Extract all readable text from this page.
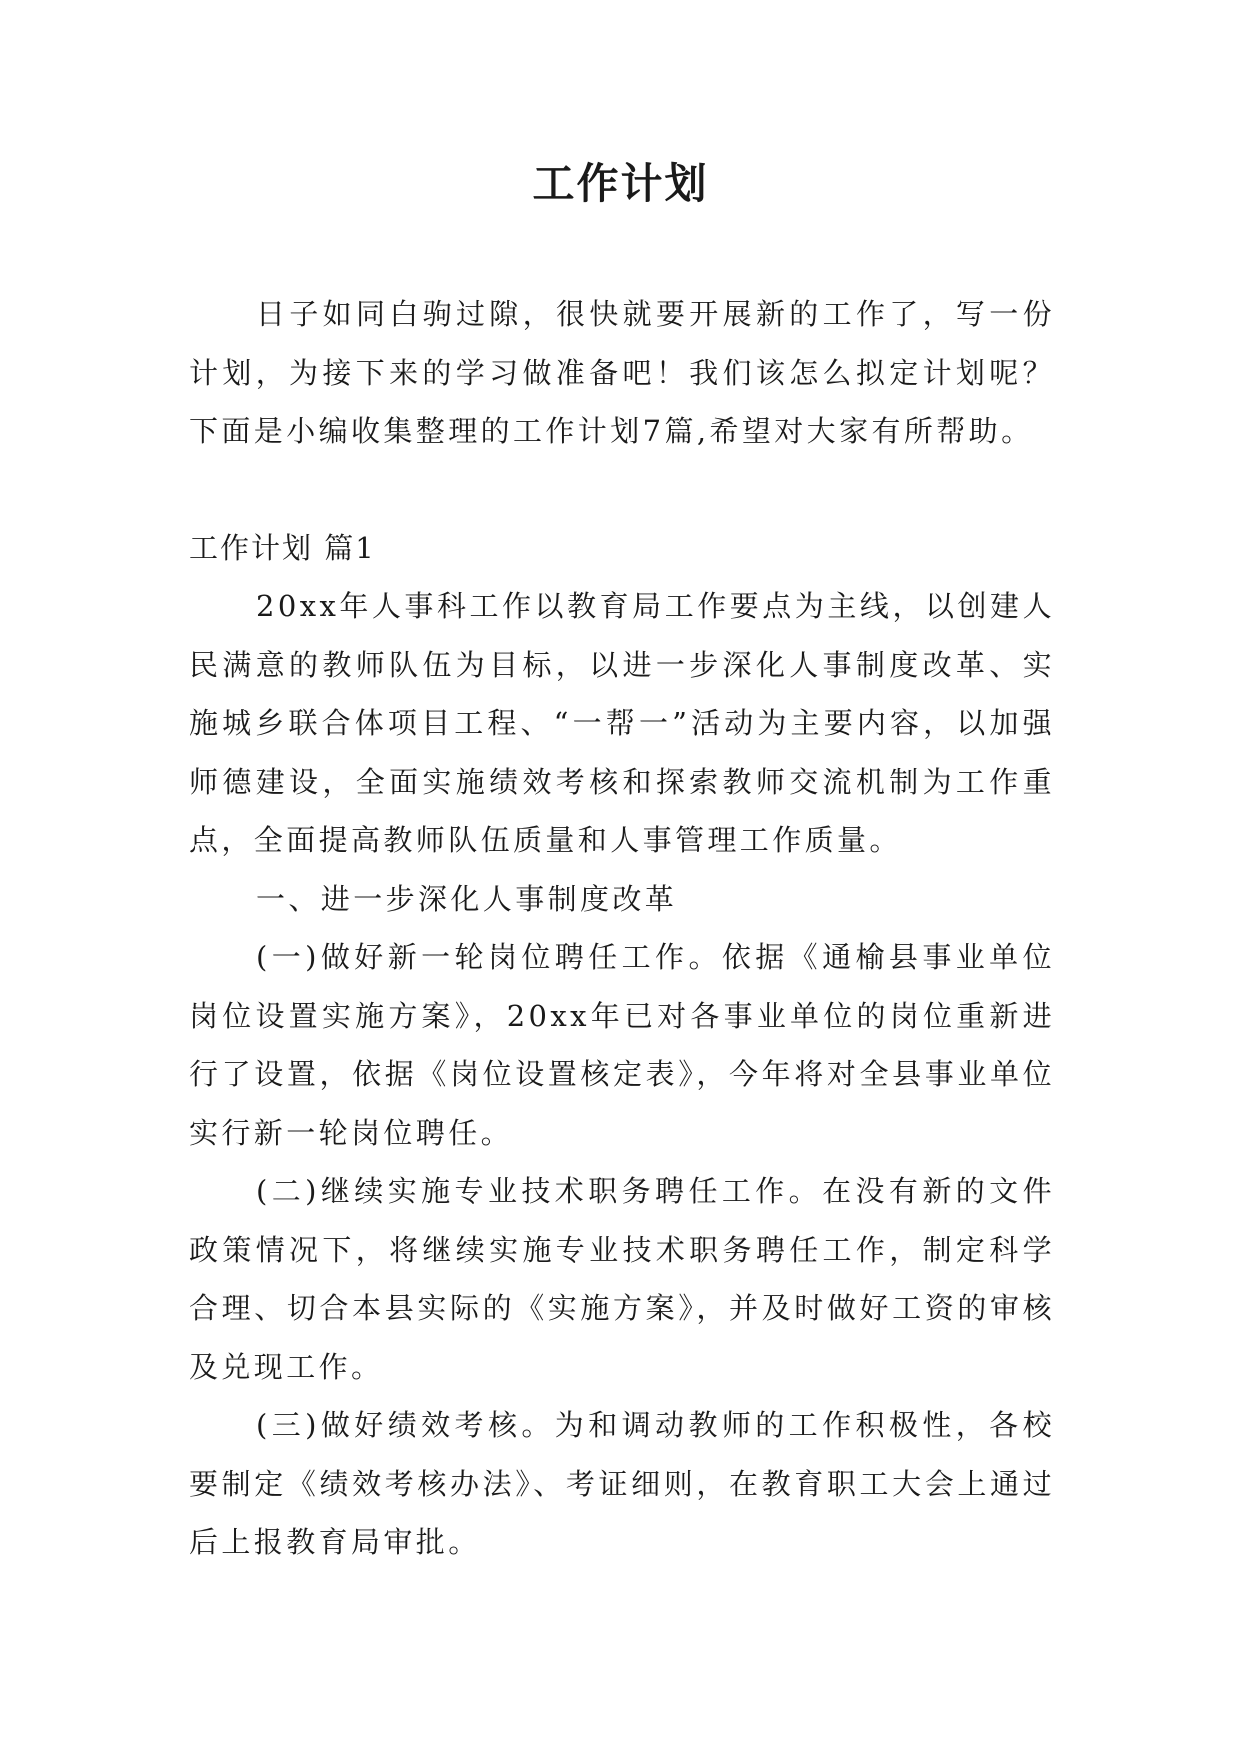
工作计划

日子如同白驹过隙，很快就要开展新的工作了，写一份计划，为接下来的学习做准备吧！我们该怎么拟定计划呢？下面是小编收集整理的工作计划7篇,希望对大家有所帮助。

工作计划 篇1

20xx年人事科工作以教育局工作要点为主线，以创建人民满意的教师队伍为目标，以进一步深化人事制度改革、实施城乡联合体项目工程、“一帮一”活动为主要内容，以加强师德建设，全面实施绩效考核和探索教师交流机制为工作重点，全面提高教师队伍质量和人事管理工作质量。

一、进一步深化人事制度改革

(一)做好新一轮岗位聘任工作。依据《通榆县事业单位岗位设置实施方案》，20xx年已对各事业单位的岗位重新进行了设置，依据《岗位设置核定表》，今年将对全县事业单位实行新一轮岗位聘任。

(二)继续实施专业技术职务聘任工作。在没有新的文件政策情况下，将继续实施专业技术职务聘任工作，制定科学合理、切合本县实际的《实施方案》，并及时做好工资的审核及兑现工作。

(三)做好绩效考核。为和调动教师的工作积极性，各校要制定《绩效考核办法》、考证细则，在教育职工大会上通过后上报教育局审批。
